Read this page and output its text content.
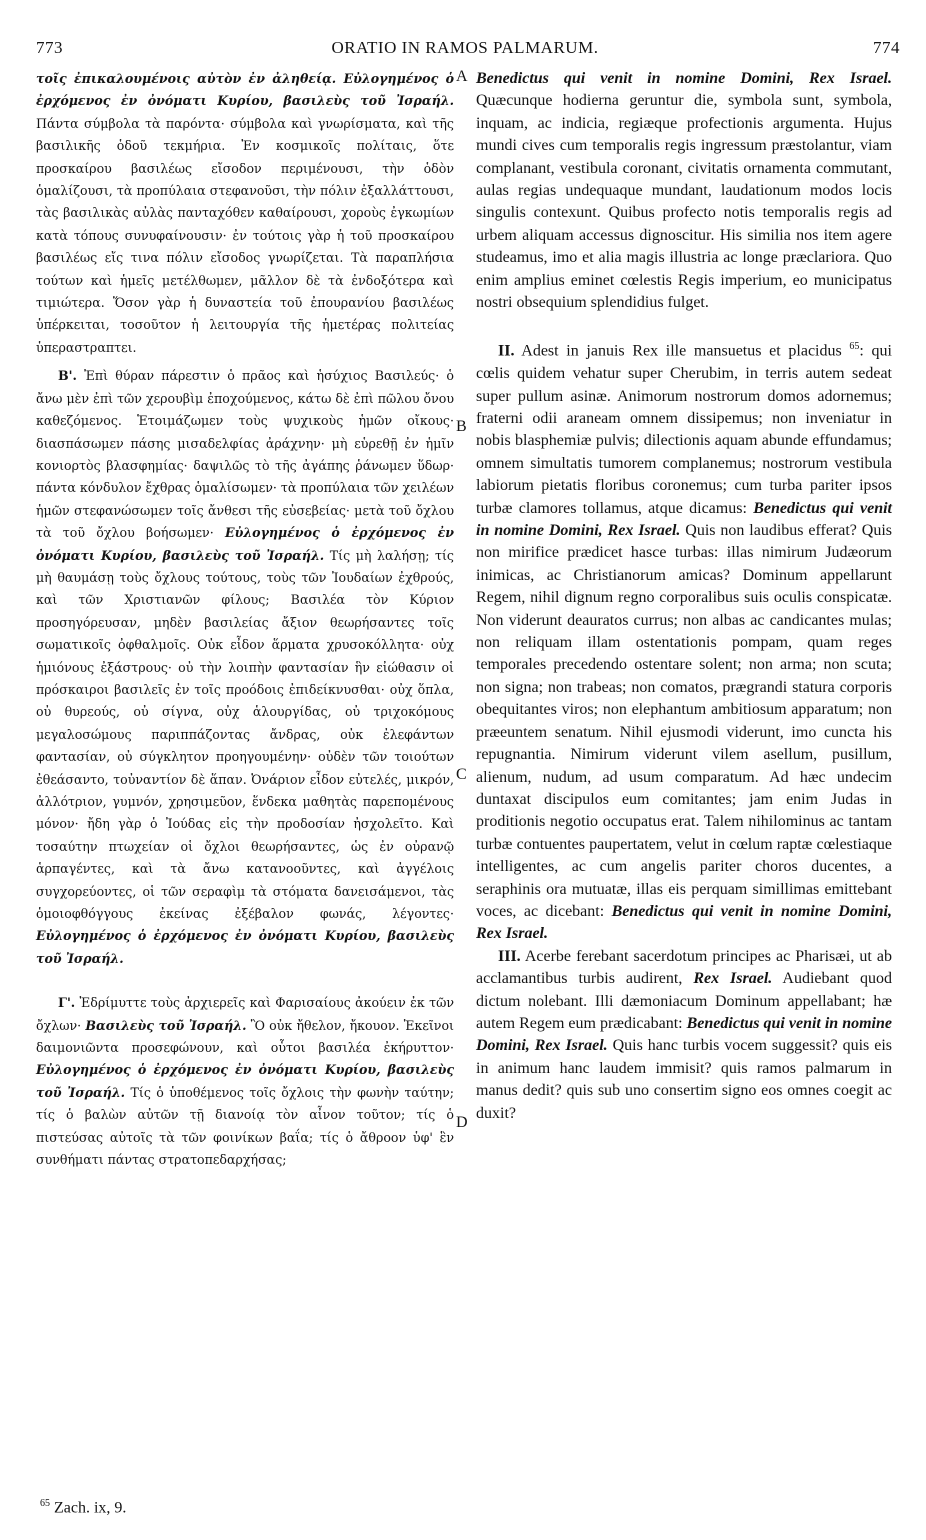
773	ORATIO IN RAMOS PALMARUM.	774

τοῖς ἐπικαλουμένοις αὐτὸν ἐν ἀληθείᾳ. Εὐλογημένος ὁ ἐρχόμενος ἐν ὀνόματι Κυρίου, βασιλεὺς τοῦ Ἰσραήλ. Πάντα σύμβολα τὰ παρόντα· σύμβολα καὶ γνωρίσματα, καὶ τῆς βασιλικῆς ὁδοῦ τεκμήρια. Ἐν κοσμικοῖς πολίταις, ὅτε προσκαίρου βασιλέως εἴσοδον περιμένουσι, τὴν ὁδὸν ὁμαλίζουσι, τὰ προπύλαια στεφανοῦσι, τὴν πόλιν ἐξαλλάττουσι, τὰς βασιλικὰς αὐλὰς πανταχόθεν καθαίρουσι, χοροὺς ἐγκωμίων κατὰ τόπους συνυφαίνουσιν· ἐν τούτοις γὰρ ἡ τοῦ προσκαίρου βασιλέως εἴς τινα πόλιν εἴσοδος γνωρίζεται. Τὰ παραπλήσια τούτων καὶ ἡμεῖς μετέλθωμεν, μᾶλλον δὲ τὰ ἐνδοξότερα καὶ τιμιώτερα. Ὅσον γὰρ ἡ δυναστεία τοῦ ἐπουρανίου βασιλέως ὑπέρκειται, τοσοῦτον ἡ λειτουργία τῆς ἡμετέρας πολιτείας ὑπεραστραπτει.

Β'. Ἐπὶ θύραν πάρεστιν ὁ πρᾶος καὶ ἡσύχιος Βασιλεύς· ὁ ἄνω μὲν ἐπὶ τῶν χερουβὶμ ἐποχούμενος, κάτω δὲ ἐπὶ πῶλου ὄνου καθεζόμενος. Ἑτοιμάζωμεν τοὺς ψυχικοὺς ἡμῶν οἴκους· διασπάσωμεν πάσης μισαδελφίας ἀράχνην· μὴ εὑρεθῇ ἐν ἡμῖν κονιορτὸς βλασφημίας· δαψιλῶς τὸ τῆς ἀγάπης ῥάνωμεν ὕδωρ· πάντα κόνδυλον ἔχθρας ὁμαλίσωμεν· τὰ προπύλαια τῶν χειλέων ἡμῶν στεφανώσωμεν τοῖς ἄνθεσι τῆς εὐσεβείας· μετὰ τοῦ ὄχλου τὰ τοῦ ὄχλου βοήσωμεν· Εὐλογημένος ὁ ἐρχόμενος ἐν ὀνόματι Κυρίου, βασιλεὺς τοῦ Ἰσραήλ. Τίς μὴ λαλήσῃ; τίς μὴ θαυμάσῃ τοὺς ὄχλους τούτους, τοὺς τῶν Ἰουδαίων ἐχθρούς, καὶ τῶν Χριστιανῶν φίλους; Βασιλέα τὸν Κύριον προσηγόρευσαν, μηδὲν βασιλείας ἄξιον θεωρήσαντες τοῖς σωματικοῖς ὀφθαλμοῖς. Οὐκ εἶδον ἅρματα χρυσοκόλλητα· οὐχ ἡμιόνους ἐξάστρους· οὐ τὴν λοιπὴν φαντασίαν ἣν εἰώθασιν οἱ πρόσκαιροι βασιλεῖς ἐν τοῖς προόδοις ἐπιδείκνυσθαι· οὐχ ὅπλα, οὐ θυρεούς, οὐ σίγνα, οὐχ ἁλουργίδας, οὐ τριχοκόμους μεγαλοσώμους παριππάζοντας ἄνδρας, οὐκ ἐλεφάντων φαντασίαν, οὐ σύγκλητον προηγουμένην· οὐδὲν τῶν τοιούτων ἐθεάσαντο, τοὐναντίον δὲ ἅπαν. Ὀνάριον εἶδον εὐτελές, μικρόν, ἀλλότριον, γυμνόν, χρησιμεῦον, ἕνδεκα μαθητὰς παρεπομένους μόνον· ἤδη γὰρ ὁ Ἰούδας εἰς τὴν προδοσίαν ἠσχολεῖτο. Καὶ τοσαύτην πτωχείαν οἱ ὄχλοι θεωρήσαντες, ὡς ἐν οὐρανῷ ἁρπαγέντες, καὶ τὰ ἄνω κατανοοῦντες, καὶ ἀγγέλοις συγχορεύοντες, οἱ τῶν σεραφὶμ τὰ στόματα δανεισάμενοι, τὰς ὁμοιοφθόγγους ἐκείνας ἐξέβαλον φωνάς, λέγοντες· Εὐλογημένος ὁ ἐρχόμενος ἐν ὀνόματι Κυρίου, βασιλεὺς τοῦ Ἰσραήλ.

Γ'. Ἐδρίμυττε τοὺς ἀρχιερεῖς καὶ Φαρισαίους ἀκούειν ἐκ τῶν ὄχλων· Βασιλεὺς τοῦ Ἰσραήλ. Ὃ οὐκ ἤθελον, ἤκουον. Ἐκεῖνοι δαιμονιῶντα προσεφώνουν, καὶ οὗτοι βασιλέα ἐκήρυττον· Εὐλογημένος ὁ ἐρχόμενος ἐν ὀνόματι Κυρίου, βασιλεὺς τοῦ Ἰσραήλ. Τίς ὁ ὑποθέμενος τοῖς ὄχλοις τὴν φωνὴν ταύτην; τίς ὁ βαλὼν αὐτῶν τῇ διανοίᾳ τὸν αἶνον τοῦτον; τίς ὁ πιστεύσας αὐτοῖς τὰ τῶν φοινίκων βαΐα; τίς ὁ ἄθροον ὑφ' ἓν συνθήματι πάντας στρατοπεδαρχήσας;

Benedictus qui venit in nomine Domini, Rex Israel. Quæcunque hodierna geruntur die, symbola sunt, symbola, inquam, ac indicia, regiæque profectionis argumenta. Hujus mundi cives cum temporalis regis ingressum præstolantur, viam complanant, vestibula coronant, civitatis ornamenta commutant, aulas regias undequaque mundant, laudationum modos locis singulis contexunt. Quibus profecto notis temporalis regis ad urbem aliquam accessus dignoscitur. His similia nos item agere studeamus, imo et alia magis illustria ac longe præclariora. Quo enim amplius eminet cœlestis Regis imperium, eo municipatus nostri obsequium splendidius fulget.

II. Adest in januis Rex ille mansuetus et placidus $^{65}$: qui cœlis quidem vehatur super Cherubim, in terris autem sedeat super pullum asinæ. Animorum nostrorum domos adornemus; fraterni odii araneam omnem dissipemus; non inveniatur in nobis blasphemiæ pulvis; dilectionis aquam abunde effundamus; omnem simultatis tumorem complanemus; nostrorum vestibula labiorum pietatis floribus coronemus; cum turba pariter ipsos turbæ clamores tollamus, atque dicamus: Benedictus qui venit in nomine Domini, Rex Israel. Quis non laudibus efferat? Quis non mirifice prædicet hasce turbas: illas nimirum Judæorum inimicas, ac Christianorum amicas? Dominum appellarunt Regem, nihil dignum regno corporalibus suis oculis conspicatæ. Non viderunt deauratos currus; non albas ac candicantes mulas; non reliquam illam ostentationis pompam, quam reges temporales precedendo ostentare solent; non arma; non scuta; non signa; non trabeas; non comatos, prægrandi statura corporis obequitantes viros; non elephantum ambitiosum apparatum; non præeuntem senatum. Nihil ejusmodi viderunt, imo cuncta his repugnantia. Nimirum viderunt vilem asellum, pusillum, alienum, nudum, ad usum comparatum. Ad hæc undecim duntaxat discipulos eum comitantes; jam enim Judas in proditionis negotio occupatus erat. Talem nihilominus ac tantam turbæ contuentes paupertatem, velut in cœlum raptæ cœlestiaque intelligentes, ac cum angelis pariter choros ducentes, a seraphinis ora mutuatæ, illas eis perquam simillimas emittebant voces, ac dicebant: Benedictus qui venit in nomine Domini, Rex Israel.

III. Acerbe ferebant sacerdotum principes ac Pharisæi, ut ab acclamantibus turbis audirent, Rex Israel. Audiebant quod dictum nolebant. Illi dæmoniacum Dominum appellabant; hæ autem Regem eum prædicabant: Benedictus qui venit in nomine Domini, Rex Israel. Quis hanc turbis vocem suggessit? quis eis in animum hanc laudem immisit? quis ramos palmarum in manus dedit? quis sub uno consertim signo eos omnes coegit ac duxit?

A
B
C
D
$^{65}$ Zach. ix, 9.
